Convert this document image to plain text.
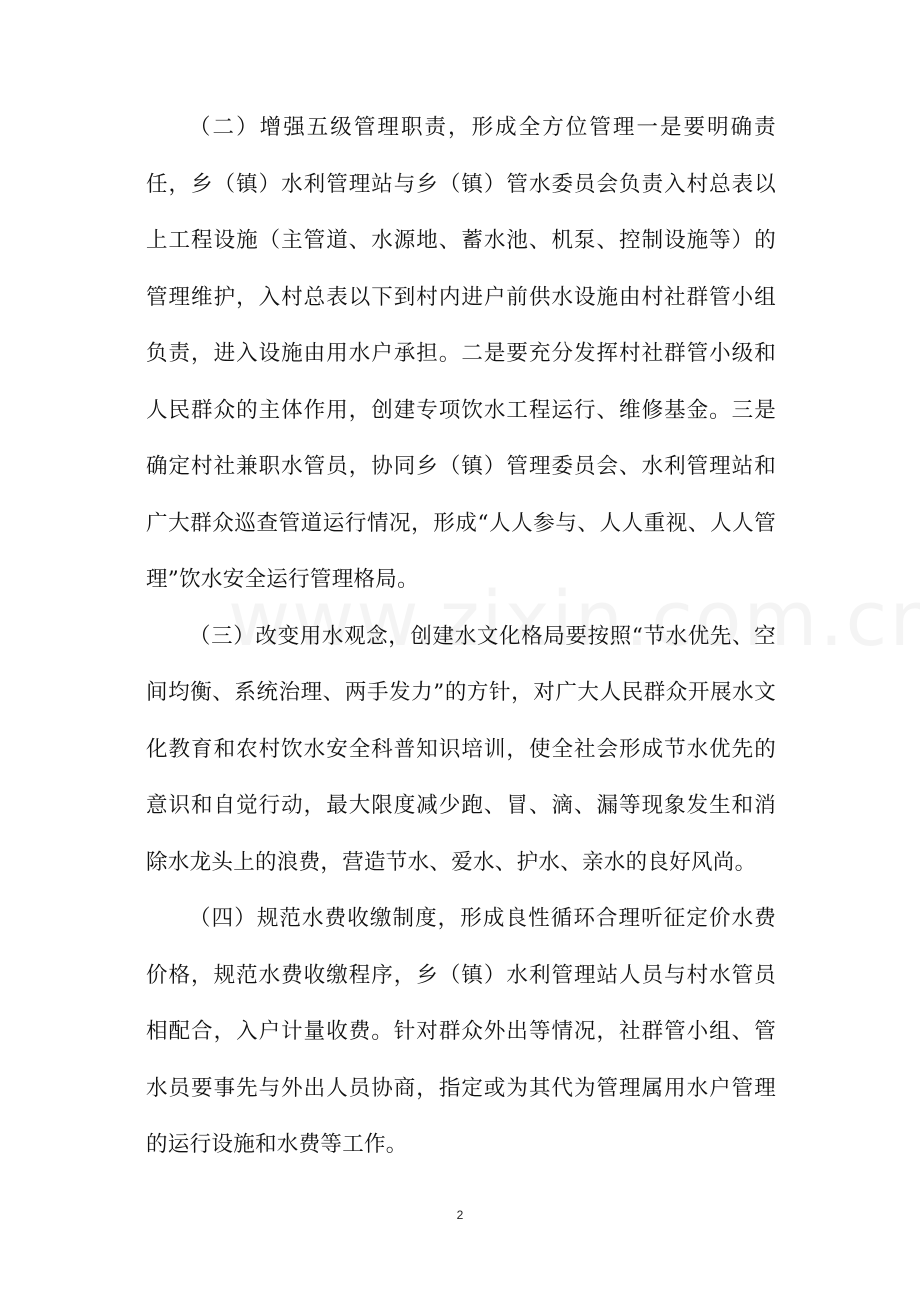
（二）增强五级管理职责，形成全方位管理一是要明确责任，乡（镇）水利管理站与乡（镇）管水委员会负责入村总表以上工程设施（主管道、水源地、蓄水池、机泵、控制设施等）的管理维护，入村总表以下到村内进户前供水设施由村社群管小组负责，进入设施由用水户承担。二是要充分发挥村社群管小级和人民群众的主体作用，创建专项饮水工程运行、维修基金。三是确定村社兼职水管员，协同乡（镇）管理委员会、水利管理站和广大群众巡查管道运行情况，形成“人人参与、人人重视、人人管理”饮水安全运行管理格局。

（三）改变用水观念，创建水文化格局要按照“节水优先、空间均衡、系统治理、两手发力”的方针，对广大人民群众开展水文化教育和农村饮水安全科普知识培训，使全社会形成节水优先的意识和自觉行动，最大限度减少跑、冒、滴、漏等现象发生和消除水龙头上的浪费，营造节水、爱水、护水、亲水的良好风尚。

（四）规范水费收缴制度，形成良性循环合理听征定价水费价格，规范水费收缴程序，乡（镇）水利管理站人员与村水管员相配合，入户计量收费。针对群众外出等情况，社群管小组、管水员要事先与外出人员协商，指定或为其代为管理属用水户管理的运行设施和水费等工作。

2
